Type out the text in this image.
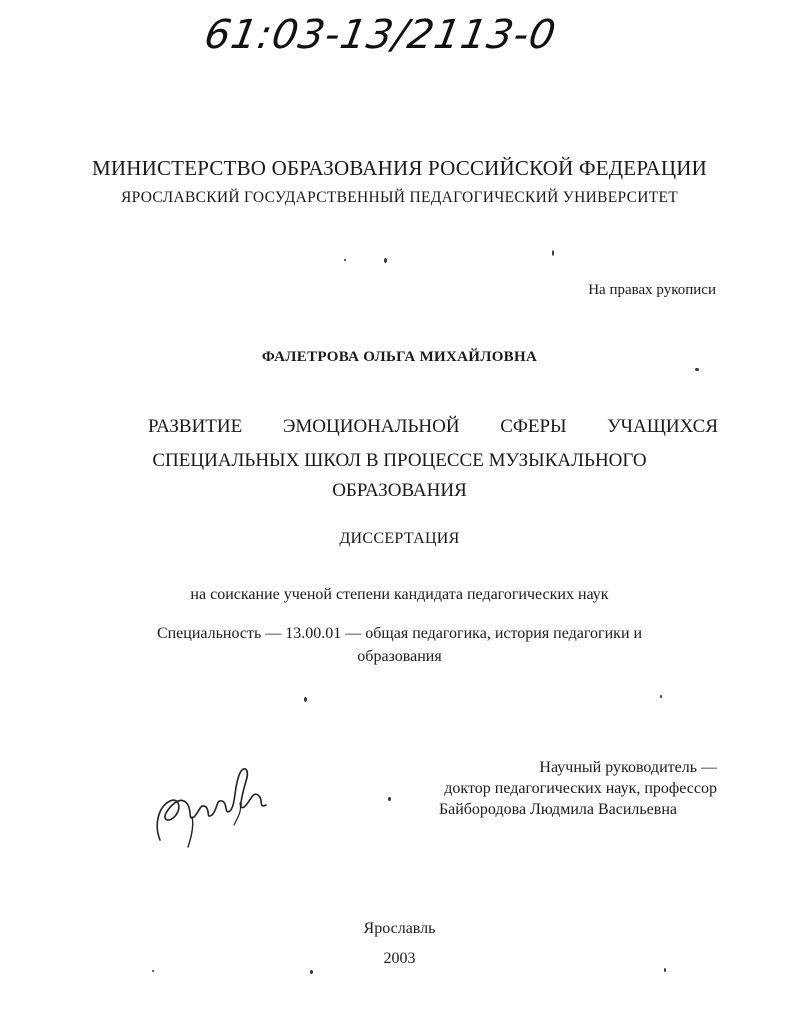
61:03-13/2113-0

МИНИСТЕРСТВО ОБРАЗОВАНИЯ РОССИЙСКОЙ ФЕДЕРАЦИИ

ЯРОСЛАВСКИЙ ГОСУДАРСТВЕННЫЙ ПЕДАГОГИЧЕСКИЙ УНИВЕРСИТЕТ

На правах рукописи

ФАЛЕТРОВА ОЛЬГА МИХАЙЛОВНА

РАЗВИТИЕ ЭМОЦИОНАЛЬНОЙ СФЕРЫ УЧАЩИХСЯ

СПЕЦИАЛЬНЫХ ШКОЛ В ПРОЦЕССЕ МУЗЫКАЛЬНОГО

ОБРАЗОВАНИЯ

ДИССЕРТАЦИЯ

на соискание ученой степени кандидата педагогических наук

Специальность — 13.00.01 — общая педагогика, история педагогики и

образования

Научный руководитель —

доктор педагогических наук, профессор

Байбородова Людмила Васильевна

Ярославль

2003
